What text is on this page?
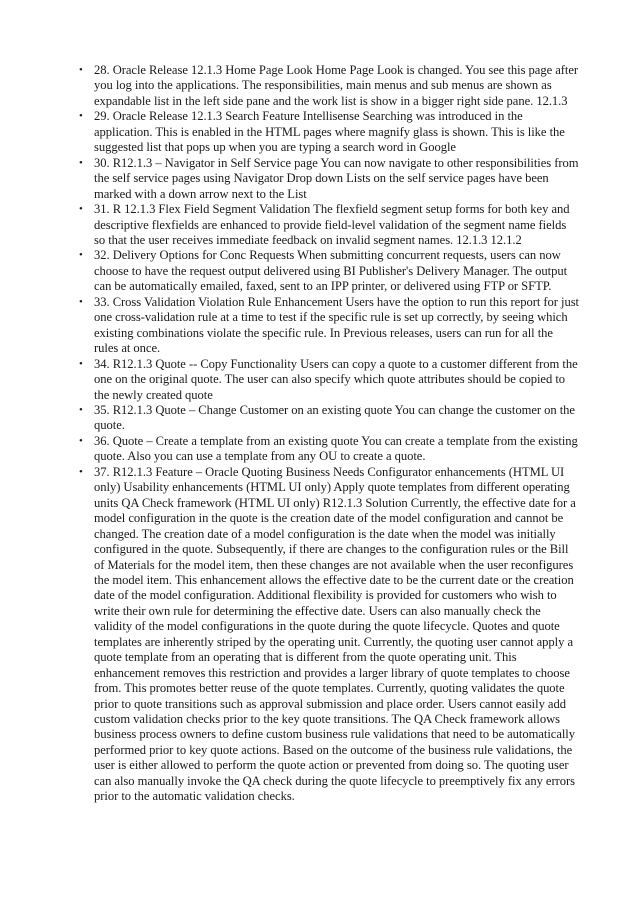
• 28. Oracle Release 12.1.3 Home Page Look Home Page Look is changed. You see this page after you log into the applications. The responsibilities, main menus and sub menus are shown as expandable list in the left side pane and the work list is show in a bigger right side pane. 12.1.3
• 29. Oracle Release 12.1.3 Search Feature Intellisense Searching was introduced in the application. This is enabled in the HTML pages where magnify glass is shown. This is like the suggested list that pops up when you are typing a search word in Google
• 30. R12.1.3 – Navigator in Self Service page You can now navigate to other responsibilities from the self service pages using Navigator Drop down Lists on the self service pages have been marked with a down arrow next to the List
• 31. R 12.1.3 Flex Field Segment Validation The flexfield segment setup forms for both key and descriptive flexfields are enhanced to provide field-level validation of the segment name fields so that the user receives immediate feedback on invalid segment names. 12.1.3 12.1.2
• 32. Delivery Options for Conc Requests When submitting concurrent requests, users can now choose to have the request output delivered using BI Publisher's Delivery Manager. The output can be automatically emailed, faxed, sent to an IPP printer, or delivered using FTP or SFTP.
• 33. Cross Validation Violation Rule Enhancement Users have the option to run this report for just one cross-validation rule at a time to test if the specific rule is set up correctly, by seeing which existing combinations violate the specific rule. In Previous releases, users can run for all the rules at once.
• 34. R12.1.3 Quote -- Copy Functionality Users can copy a quote to a customer different from the one on the original quote. The user can also specify which quote attributes should be copied to the newly created quote
• 35. R12.1.3 Quote – Change Customer on an existing quote You can change the customer on the quote.
• 36. Quote – Create a template from an existing quote You can create a template from the existing quote. Also you can use a template from any OU to create a quote.
• 37. R12.1.3 Feature – Oracle Quoting Business Needs Configurator enhancements (HTML UI only) Usability enhancements (HTML UI only) Apply quote templates from different operating units QA Check framework (HTML UI only) R12.1.3 Solution Currently, the effective date for a model configuration in the quote is the creation date of the model configuration and cannot be changed. The creation date of a model configuration is the date when the model was initially configured in the quote. Subsequently, if there are changes to the configuration rules or the Bill of Materials for the model item, then these changes are not available when the user reconfigures the model item. This enhancement allows the effective date to be the current date or the creation date of the model configuration. Additional flexibility is provided for customers who wish to write their own rule for determining the effective date. Users can also manually check the validity of the model configurations in the quote during the quote lifecycle. Quotes and quote templates are inherently striped by the operating unit. Currently, the quoting user cannot apply a quote template from an operating that is different from the quote operating unit. This enhancement removes this restriction and provides a larger library of quote templates to choose from. This promotes better reuse of the quote templates. Currently, quoting validates the quote prior to quote transitions such as approval submission and place order. Users cannot easily add custom validation checks prior to the key quote transitions. The QA Check framework allows business process owners to define custom business rule validations that need to be automatically performed prior to key quote actions. Based on the outcome of the business rule validations, the user is either allowed to perform the quote action or prevented from doing so. The quoting user can also manually invoke the QA check during the quote lifecycle to preemptively fix any errors prior to the automatic validation checks.
